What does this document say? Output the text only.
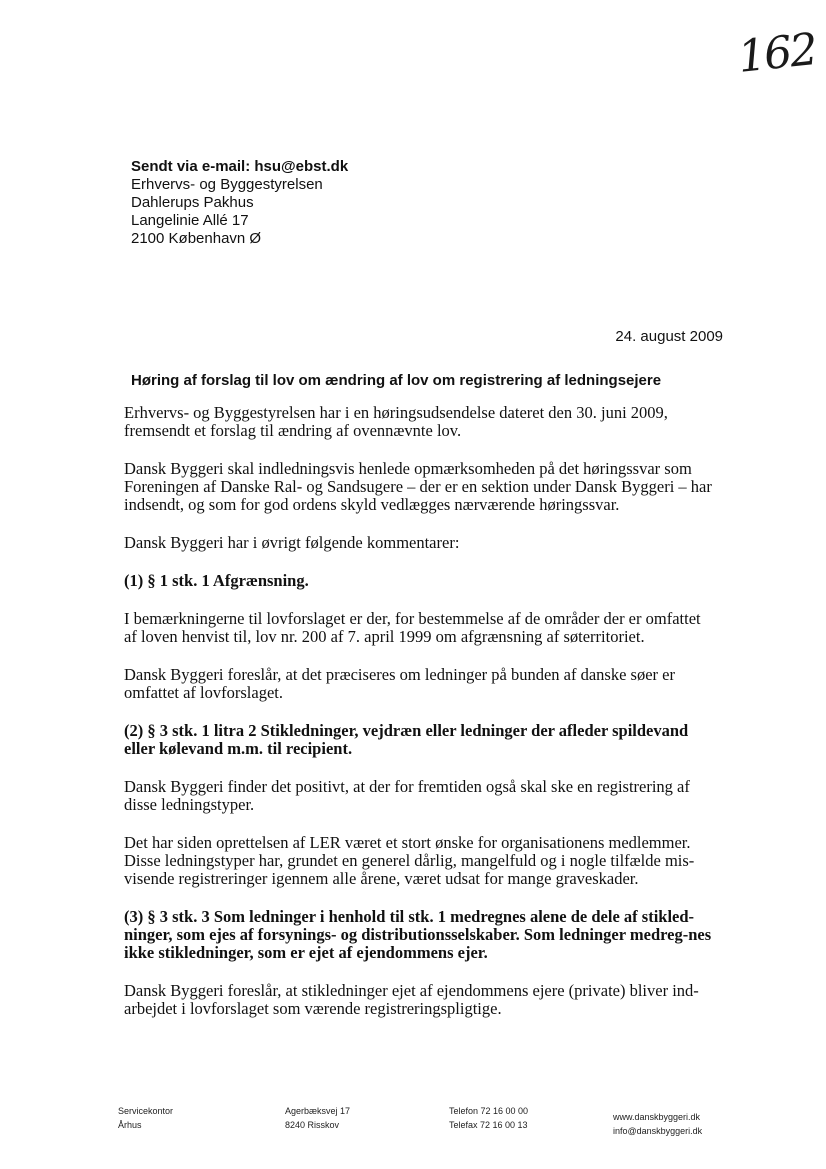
162
Sendt via e-mail: hsu@ebst.dk
Erhvervs- og Byggestyrelsen
Dahlerups Pakhus
Langelinie Allé 17
2100 København Ø
24. august 2009
Høring af forslag til lov om ændring af lov om registrering af ledningsejere

Erhvervs- og Byggestyrelsen har i en høringsudsendelse dateret den 30. juni 2009, fremsendt et forslag til ændring af ovennævnte lov.

Dansk Byggeri skal indledningsvis henlede opmærksomheden på det høringssvar som Foreningen af Danske Ral- og Sandsugere – der er en sektion under Dansk Byggeri – har indsendt, og som for god ordens skyld vedlægges nærværende høringssvar.

Dansk Byggeri har i øvrigt følgende kommentarer:

(1) § 1 stk. 1 Afgrænsning.

I bemærkningerne til lovforslaget er der, for bestemmelse af de områder der er omfattet af loven henvist til, lov nr. 200 af 7. april 1999 om afgrænsning af søterritoriet.

Dansk Byggeri foreslår, at det præciseres om ledninger på bunden af danske søer er omfattet af lovforslaget.

(2) § 3 stk. 1 litra 2 Stikledninger, vejdræn eller ledninger der afleder spildevand eller kølevand m.m. til recipient.

Dansk Byggeri finder det positivt, at der for fremtiden også skal ske en registrering af disse ledningstyper.

Det har siden oprettelsen af LER været et stort ønske for organisationens medlemmer. Disse ledningstyper har, grundet en generel dårlig, mangelfuld og i nogle tilfælde mis-visende registreringer igennem alle årene, været udsat for mange graveskader.

(3) § 3 stk. 3 Som ledninger i henhold til stk. 1 medregnes alene de dele af stikled-ninger, som ejes af forsynings- og distributionsselskaber. Som ledninger medreg-nes ikke stikledninger, som er ejet af ejendommens ejer.

Dansk Byggeri foreslår, at stikledninger ejet af ejendommens ejere (private) bliver ind-arbejdet i lovforslaget som værende registreringspligtige.

Servicekontor
Århus
Agerbæksvej 17
8240 Risskov
Telefon 72 16 00 00
Telefax 72 16 00 13
www.danskbyggeri.dk
info@danskbyggeri.dk
